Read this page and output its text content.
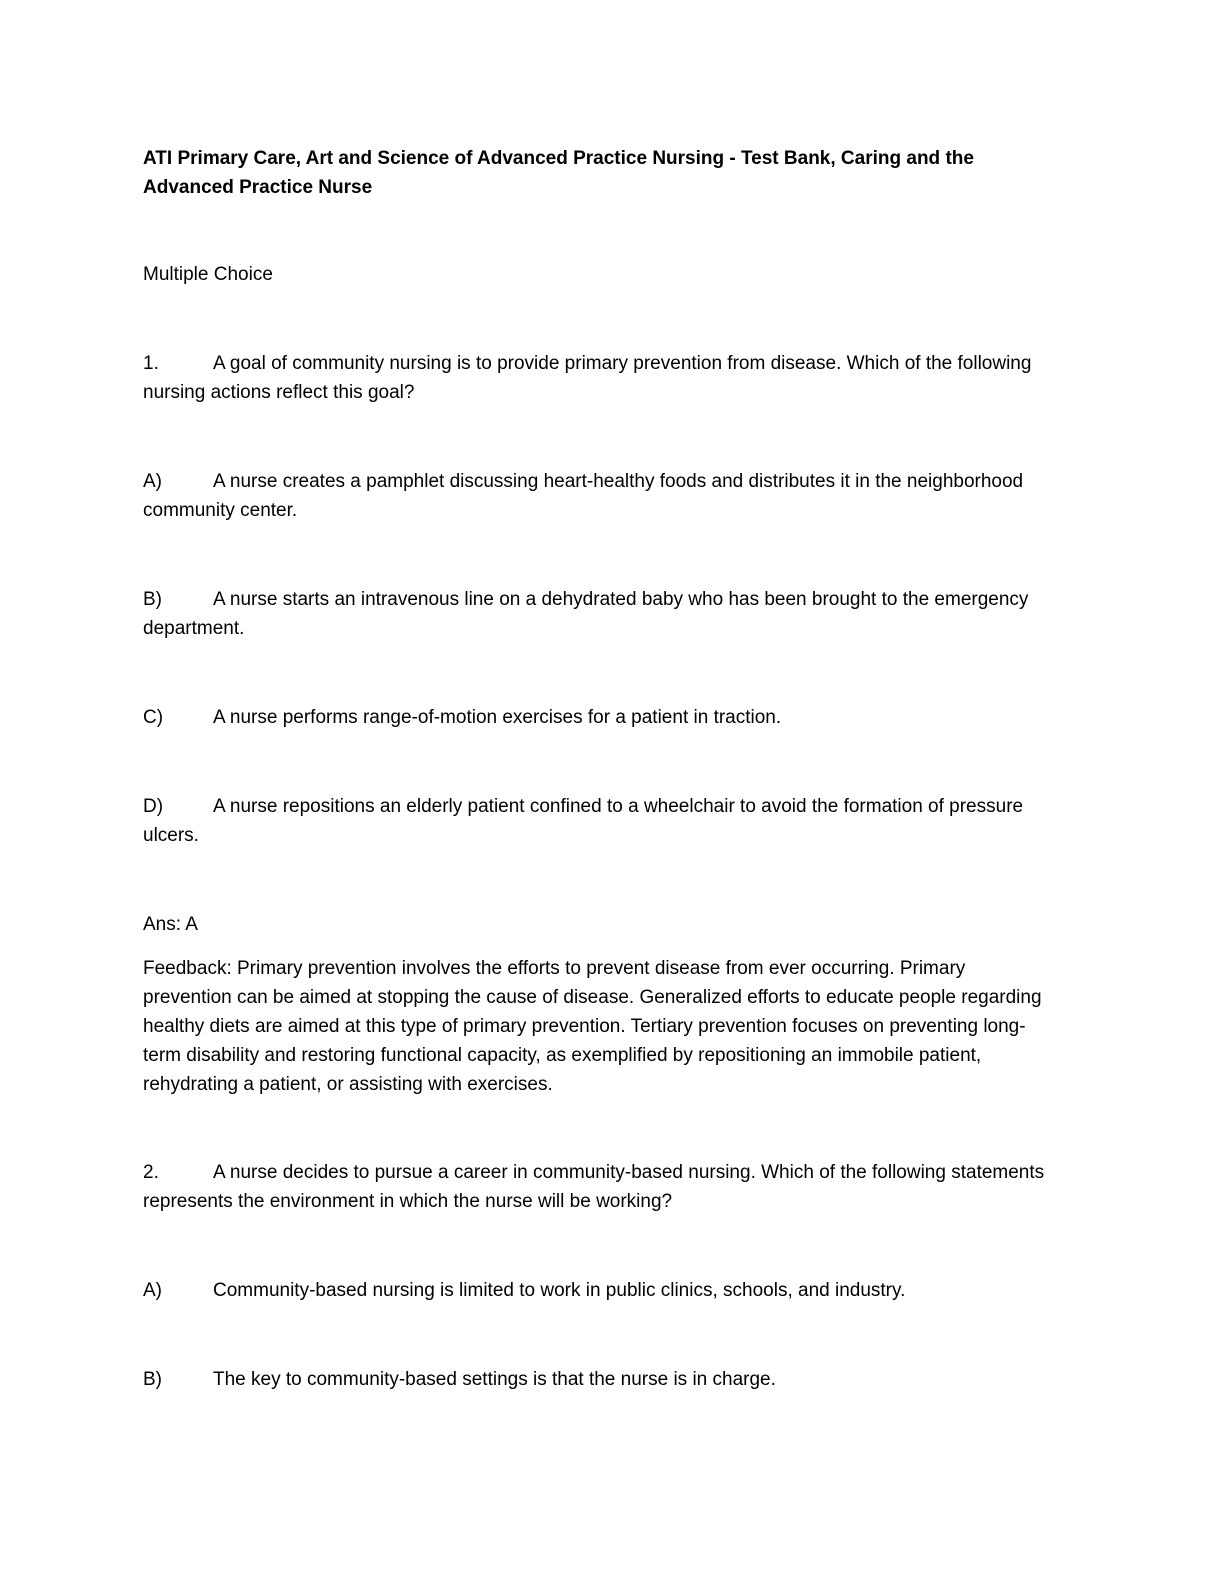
ATI Primary Care, Art and Science of Advanced Practice Nursing - Test Bank, Caring and the Advanced Practice Nurse

Multiple Choice

1.	A goal of community nursing is to provide primary prevention from disease. Which of the following nursing actions reflect this goal?

A)	A nurse creates a pamphlet discussing heart-healthy foods and distributes it in the neighborhood community center.

B)	A nurse starts an intravenous line on a dehydrated baby who has been brought to the emergency department.

C)	A nurse performs range-of-motion exercises for a patient in traction.

D)	A nurse repositions an elderly patient confined to a wheelchair to avoid the formation of pressure ulcers.

Ans: A

Feedback: Primary prevention involves the efforts to prevent disease from ever occurring. Primary prevention can be aimed at stopping the cause of disease. Generalized efforts to educate people regarding healthy diets are aimed at this type of primary prevention. Tertiary prevention focuses on preventing long-term disability and restoring functional capacity, as exemplified by repositioning an immobile patient, rehydrating a patient, or assisting with exercises.

2.	A nurse decides to pursue a career in community-based nursing. Which of the following statements represents the environment in which the nurse will be working?

A)	Community-based nursing is limited to work in public clinics, schools, and industry.

B)	The key to community-based settings is that the nurse is in charge.
